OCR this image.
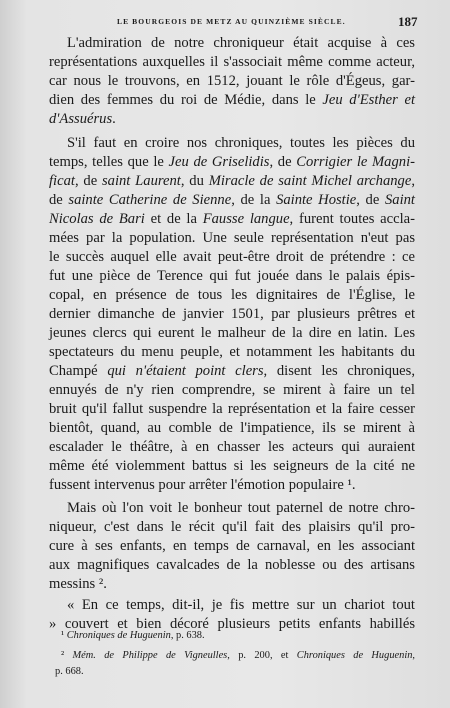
LE BOURGEOIS DE METZ AU QUINZIÈME SIÈCLE.	187
L'admiration de notre chroniqueur était acquise à ces
représentations auxquelles il s'associait même comme acteur,
car nous le trouvons, en 1512, jouant le rôle d'Égeus, gar-
dien des femmes du roi de Médie, dans le Jeu d'Esther et
d'Assuérus.
S'il faut en croire nos chroniques, toutes les pièces du
temps, telles que le Jeu de Griselidis, de Corrigier le Magni-
ficat, de saint Laurent, du Miracle de saint Michel archange,
de sainte Catherine de Sienne, de la Sainte Hostie, de Saint
Nicolas de Bari et de la Fausse langue, furent toutes accla-
mées par la population. Une seule représentation n'eut pas
le succès auquel elle avait peut-être droit de prétendre : ce
fut une pièce de Terence qui fut jouée dans le palais épis-
copal, en présence de tous les dignitaires de l'Église, le
dernier dimanche de janvier 1501, par plusieurs prêtres et
jeunes clercs qui eurent le malheur de la dire en latin. Les
spectateurs du menu peuple, et notamment les habitants du
Champé qui n'étaient point clers, disent les chroniques,
ennuyés de n'y rien comprendre, se mirent à faire un tel
bruit qu'il fallut suspendre la représentation et la faire cesser
bientôt, quand, au comble de l'impatience, ils se mirent à
escalader le théâtre, à en chasser les acteurs qui auraient
même été violemment battus si les seigneurs de la cité ne
fussent intervenus pour arrêter l'émotion populaire ¹.
Mais où l'on voit le bonheur tout paternel de notre chro-
niqueur, c'est dans le récit qu'il fait des plaisirs qu'il pro-
cure à ses enfants, en temps de carnaval, en les associant
aux magnifiques cavalcades de la noblesse ou des artisans
messins ².
« En ce temps, dit-il, je fis mettre sur un chariot tout
» couvert et bien décoré plusieurs petits enfants habillés
¹ Chroniques de Huguenin, p. 638.
² Mém. de Philippe de Vigneulles, p. 200, et Chroniques de Huguenin,
p. 668.
